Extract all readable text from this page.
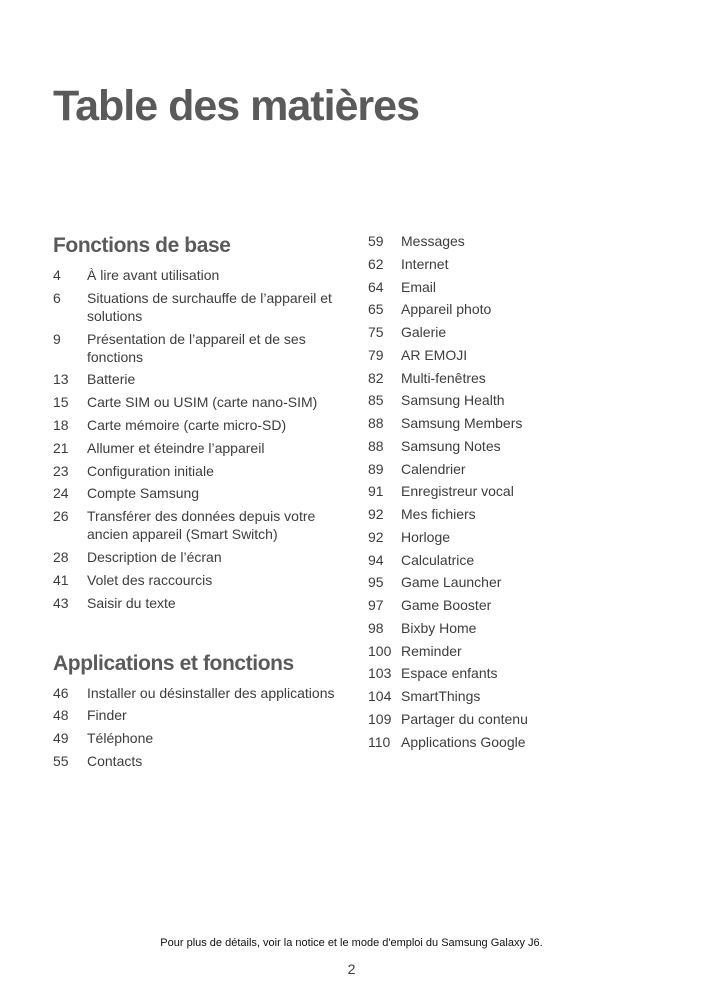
Table des matières
Fonctions de base
4	À lire avant utilisation
6	Situations de surchauffe de l’appareil et solutions
9	Présentation de l’appareil et de ses fonctions
13	Batterie
15	Carte SIM ou USIM (carte nano-SIM)
18	Carte mémoire (carte micro-SD)
21	Allumer et éteindre l’appareil
23	Configuration initiale
24	Compte Samsung
26	Transférer des données depuis votre ancien appareil (Smart Switch)
28	Description de l’écran
41	Volet des raccourcis
43	Saisir du texte
Applications et fonctions
46	Installer ou désinstaller des applications
48	Finder
49	Téléphone
55	Contacts
59	Messages
62	Internet
64	Email
65	Appareil photo
75	Galerie
79	AR EMOJI
82	Multi-fenêtres
85	Samsung Health
88	Samsung Members
88	Samsung Notes
89	Calendrier
91	Enregistreur vocal
92	Mes fichiers
92	Horloge
94	Calculatrice
95	Game Launcher
97	Game Booster
98	Bixby Home
100 Reminder
103 Espace enfants
104 SmartThings
109 Partager du contenu
110 Applications Google
Pour plus de détails, voir la notice et le mode d'emploi du Samsung Galaxy J6.
2
